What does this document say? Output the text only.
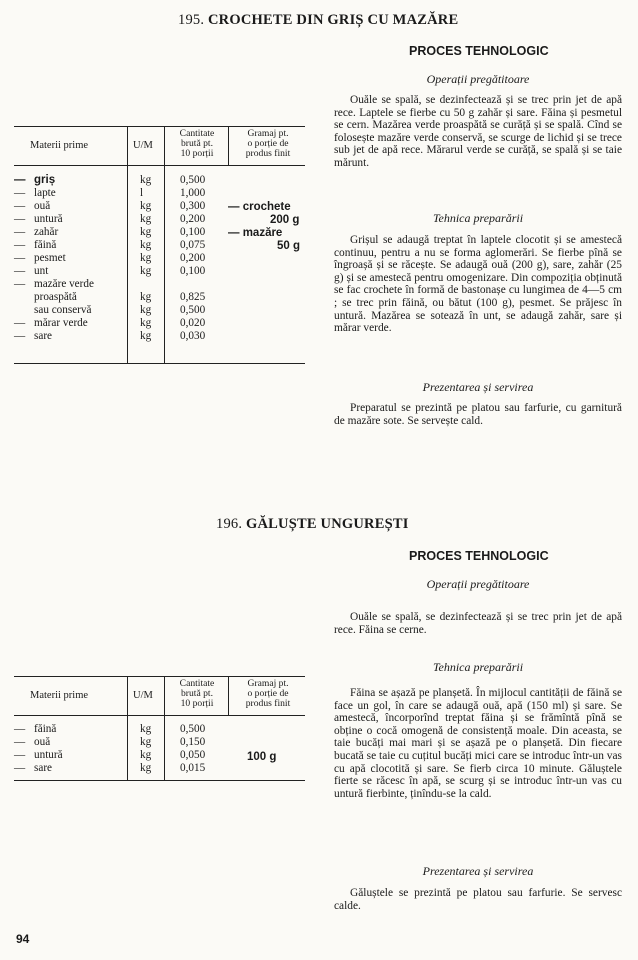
195. CROCHETE DIN GRIȘ CU MAZĂRE
PROCES TEHNOLOGIC
Operații pregătitoare

Ouăle se spală, se dezinfectează și se trec prin jet de apă rece. Laptele se fierbe cu 50 g zahăr și sare. Făina și pesmetul se cern. Mazărea verde proaspătă se curăță și se spală. Cînd se folosește mazăre verde conservă, se scurge de lichid și se trece sub jet de apă rece. Mărarul verde se curăță, se spală și se taie mărunt.

Tehnica preparării

Grișul se adaugă treptat în laptele clocotit și se amestecă continuu, pentru a nu se forma aglomerări. Se fierbe pînă se îngroașă și se răcește. Se adaugă ouă (200 g), sare, zahăr (25 g) și se amestecă pentru omogenizare. Din compoziția obținută se fac crochete în formă de bastonașe cu lungimea de 4—5 cm ; se trec prin făină, ou bătut (100 g), pesmet. Se prăjesc în untură. Mazărea se sotează în unt, se adaugă zahăr, sare și mărar verde.

Prezentarea și servirea

Preparatul se prezintă pe platou sau farfurie, cu garnitură de mazăre sote. Se servește cald.

Materii prime	U/M
Cantitate
brută pt.
10 porții
Gramaj pt.
o porție de
produs finit
— griș	kg	0,500
— lapte	l	1,000
— ouă	kg	0,300
— untură	kg	0,200
— zahăr	kg	0,100
— făină	kg	0,075
— pesmet	kg	0,200
— unt	kg	0,100
— mazăre verde
proaspătă	kg	0,825
sau conservă	kg	0,500
— mărar verde	kg	0,020
— sare	kg	0,030
— crochete
200 g
— mazăre
50 g
196. GĂLUȘTE UNGUREȘTI
PROCES TEHNOLOGIC
Operații pregătitoare

Ouăle se spală, se dezinfectează și se trec prin jet de apă rece. Făina se cerne.

Tehnica preparării

Făina se așază pe planșetă. În mijlocul cantității de făină se face un gol, în care se adaugă ouă, apă (150 ml) și sare. Se amestecă, încorporînd treptat făina și se frămîntă pînă se obține o cocă omogenă de consistență moale. Din aceasta, se taie bucăți mai mari și se așază pe o planșetă. Din fiecare bucată se taie cu cuțitul bucăți mici care se introduc într-un vas cu apă clocotită și sare. Se fierb circa 10 minute. Găluștele fierte se răcesc în apă, se scurg și se introduc într-un vas cu untură fierbinte, ținîndu-se la cald.

Prezentarea și servirea

Găluștele se prezintă pe platou sau farfurie. Se servesc calde.

Materii prime	U/M
Cantitate
brută pt.
10 porții
Gramaj pt.
o porție de
produs finit
— făină	kg	0,500
— ouă	kg	0,150
— untură	kg	0,050
— sare	kg	0,015
100 g
94
